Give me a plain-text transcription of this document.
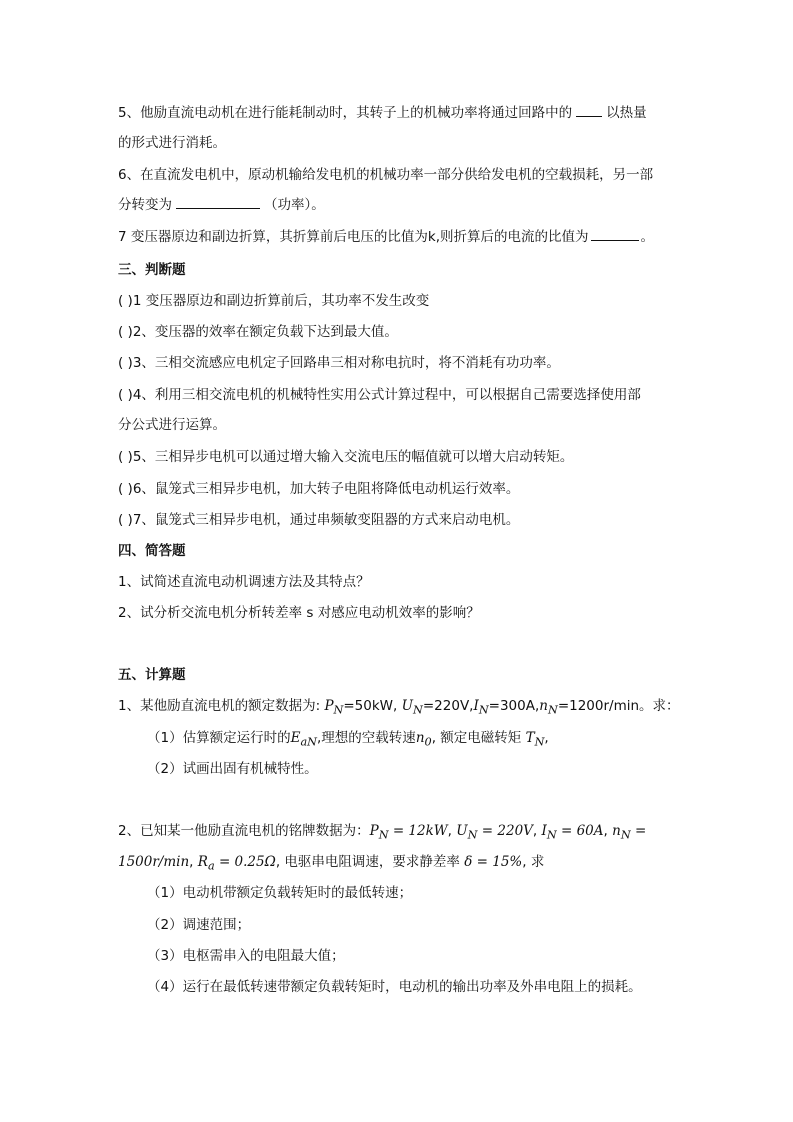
5、他励直流电动机在进行能耗制动时，其转子上的机械功率将通过回路中的	以热量
的形式进行消耗。
6、在直流发电机中，原动机输给发电机的机械功率一部分供给发电机的空载损耗，另一部
分转变为	（功率）。
7 变压器原边和副边折算，其折算前后电压的比值为k,则折算后的电流的比值为	。
三、判断题
( )1 变压器原边和副边折算前后，其功率不发生改变
( )2、变压器的效率在额定负载下达到最大值。
( )3、三相交流感应电机定子回路串三相对称电抗时，将不消耗有功功率。
( )4、利用三相交流电机的机械特性实用公式计算过程中，可以根据自己需要选择使用部
分公式进行运算。
( )5、三相异步电机可以通过增大输入交流电压的幅值就可以增大启动转矩。
( )6、鼠笼式三相异步电机，加大转子电阻将降低电动机运行效率。
( )7、鼠笼式三相异步电机，通过串频敏变阻器的方式来启动电机。
四、简答题
1、试简述直流电动机调速方法及其特点？
2、试分析交流电机分析转差率 s 对感应电动机效率的影响？
五、计算题
1、某他励直流电机的额定数据为: $P_N=50kW$, $U_N=220V,I_N=300A,n_N=1200r/\min$。求：
（1）估算额定运行时的$E_{aN}$,理想的空载转速$n_0$, 额定电磁转矩 $T_N$,
（2）试画出固有机械特性。
2、已知某一他励直流电机的铭牌数据为：$P_N = 12kW$, $U_N = 220V$, $I_N = 60A$, $n_N$ =
1500r/min, $R_a = 0.25\Omega$, 电驱串电阻调速，要求静差率 δ = 15%, 求
（1）电动机带额定负载转矩时的最低转速；
（2）调速范围；
（3）电枢需串入的电阻最大值；
（4）运行在最低转速带额定负载转矩时，电动机的输出功率及外串电阻上的损耗。
